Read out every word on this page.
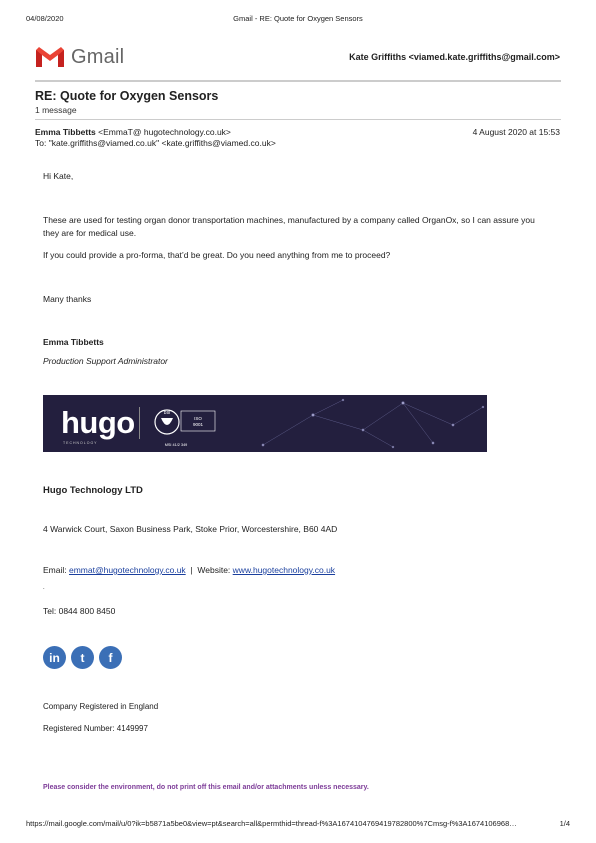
04/08/2020	Gmail - RE: Quote for Oxygen Sensors
Gmail	Kate Griffiths <viamed.kate.griffiths@gmail.com>
RE: Quote for Oxygen Sensors
1 message
Emma Tibbetts <EmmaT@ hugotechnology.co.uk>
To: "kate.griffiths@viamed.co.uk" <kate.griffiths@viamed.co.uk>
4 August 2020 at 15:53
Hi Kate,
These are used for testing organ donor transportation machines, manufactured by a company called OrganOx, so I can assure you they are for medical use.
If you could provide a pro-forma, that’d be great. Do you need anything from me to proceed?
Many thanks
Emma Tibbetts
Production Support Administrator
hugo
TECHNOLOGY
bsi
ISO
9001
MSI 41/2 349
Hugo Technology LTD
4 Warwick Court, Saxon Business Park, Stoke Prior, Worcestershire, B60 4AD
Email: emmat@hugotechnology.co.uk | Website: www.hugotechnology.co.uk
.
Tel: 0844 800 8450
in	t	f
Company Registered in England
Registered Number: 4149997
Please consider the environment, do not print off this email and/or attachments unless necessary.
https://mail.google.com/mail/u/0?ik=b5871a5be0&view=pt&search=all&permthid=thread-f%3A1674104769419782800%7Cmsg-f%3A1674106968…	1/4
